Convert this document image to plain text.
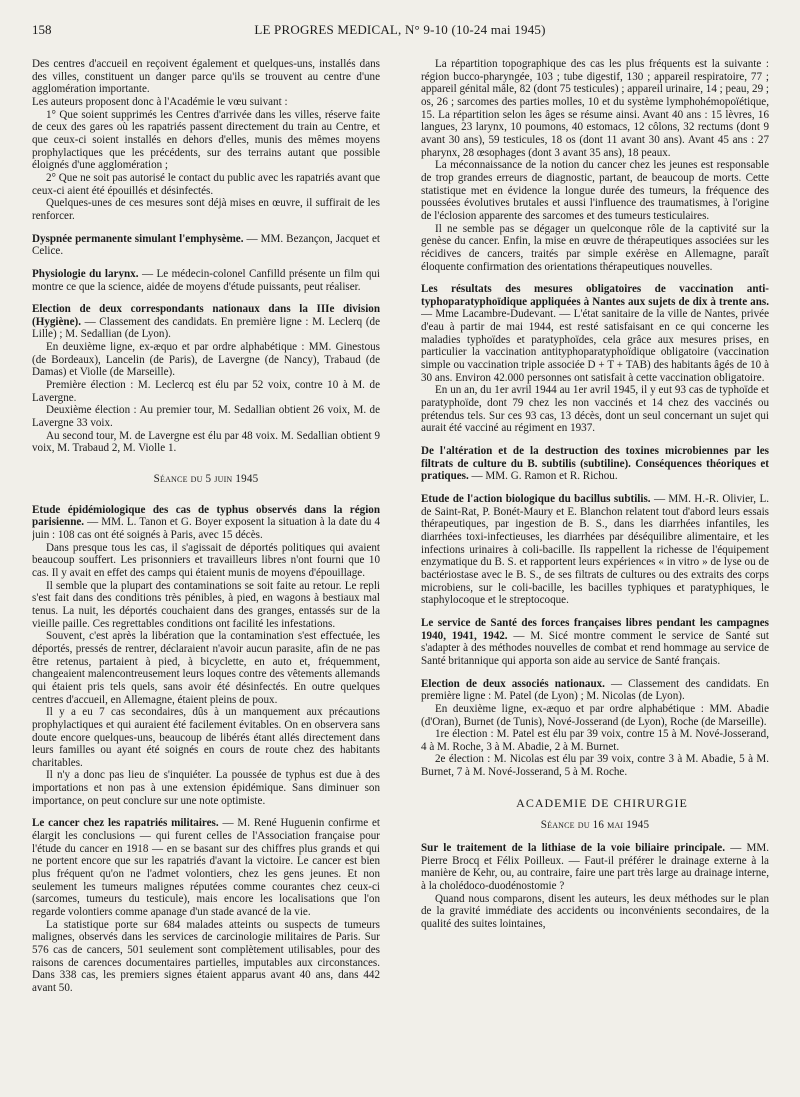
158	LE PROGRES MEDICAL, N° 9-10 (10-24 mai 1945)

Des centres d'accueil en reçoivent également et quelques-uns, installés dans des villes, constituent un danger parce qu'ils se trouvent au centre d'une agglomération importante.

Les auteurs proposent donc à l'Académie le vœu suivant :

1° Que soient supprimés les Centres d'arrivée dans les villes, réserve faite de ceux des gares où les rapatriés passent directement du train au Centre, et que ceux-ci soient installés en dehors d'elles, munis des mêmes moyens prophylactiques que les précédents, sur des terrains autant que possible éloignés d'une agglomération ;

2° Que ne soit pas autorisé le contact du public avec les rapatriés avant que ceux-ci aient été épouillés et désinfectés.

Quelques-unes de ces mesures sont déjà mises en œuvre, il suffirait de les renforcer.

Dyspnée permanente simulant l'emphysème. — MM. Bezançon, Jacquet et Celice.

Physiologie du larynx. — Le médecin-colonel Canfilld présente un film qui montre ce que la science, aidée de moyens d'étude puissants, peut réaliser.

Election de deux correspondants nationaux dans la IIIe division (Hygiène). — Classement des candidats. En première ligne : M. Leclerq (de Lille) ; M. Sedallian (de Lyon).

En deuxième ligne, ex-æquo et par ordre alphabétique : MM. Ginestous (de Bordeaux), Lancelin (de Paris), de Lavergne (de Nancy), Trabaud (de Damas) et Violle (de Marseille).

Première élection : M. Leclercq est élu par 52 voix, contre 10 à M. de Lavergne.

Deuxième élection : Au premier tour, M. Sedallian obtient 26 voix, M. de Lavergne 33 voix.

Au second tour, M. de Lavergne est élu par 48 voix. M. Sedallian obtient 9 voix, M. Trabaud 2, M. Violle 1.

Séance du 5 juin 1945

Etude épidémiologique des cas de typhus observés dans la région parisienne. — MM. L. Tanon et G. Boyer exposent la situation à la date du 4 juin : 108 cas ont été soignés à Paris, avec 15 décès.

Dans presque tous les cas, il s'agissait de déportés politiques qui avaient beaucoup souffert. Les prisonniers et travailleurs libres n'ont fourni que 10 cas. Il y avait en effet des camps qui étaient munis de moyens d'épouillage.

Il semble que la plupart des contaminations se soit faite au retour. Le repli s'est fait dans des conditions très pénibles, à pied, en wagons à bestiaux mal tenus. La nuit, les déportés couchaient dans des granges, entassés sur de la vieille paille. Ces regrettables conditions ont facilité les infestations.

Souvent, c'est après la libération que la contamination s'est effectuée, les déportés, pressés de rentrer, déclaraient n'avoir aucun parasite, afin de ne pas être retenus, partaient à pied, à bicyclette, en auto et, fréquemment, changeaient malencontreusement leurs loques contre des vêtements allemands qui étaient pris tels quels, sans avoir été désinfectés. En outre quelques centres d'accueil, en Allemagne, étaient pleins de poux.

Il y a eu 7 cas secondaires, dûs à un manquement aux précautions prophylactiques et qui auraient été facilement évitables. On en observera sans doute encore quelques-uns, beaucoup de libérés étant allés directement dans leurs familles ou ayant été soignés en cours de route chez des habitants charitables.

Il n'y a donc pas lieu de s'inquiéter. La poussée de typhus est due à des importations et non pas à une extension épidémique. Sans diminuer son importance, on peut conclure sur une note optimiste.

Le cancer chez les rapatriés militaires. — M. René Huguenin confirme et élargit les conclusions — qui furent celles de l'Association française pour l'étude du cancer en 1918 — en se basant sur des chiffres plus grands et qui ne portent encore que sur les rapatriés d'avant la victoire. Le cancer est bien plus fréquent qu'on ne l'admet volontiers, chez les gens jeunes. Et non seulement les tumeurs malignes réputées comme courantes chez ceux-ci (sarcomes, tumeurs du testicule), mais encore les localisations que l'on regarde volontiers comme apanage d'un stade avancé de la vie.

La statistique porte sur 684 malades atteints ou suspects de tumeurs malignes, observés dans les services de carcinologie militaires de Paris. Sur 576 cas de cancers, 501 seulement sont complètement utilisables, pour des raisons de carences documentaires partielles, imputables aux circonstances. Dans 338 cas, les premiers signes étaient apparus avant 40 ans, dans 442 avant 50.

La répartition topographique des cas les plus fréquents est la suivante : région bucco-pharyngée, 103 ; tube digestif, 130 ; appareil respiratoire, 77 ; appareil génital mâle, 82 (dont 75 testicules) ; appareil urinaire, 14 ; peau, 29 ; os, 26 ; sarcomes des parties molles, 10 et du système lymphohémopoïétique, 15. La répartition selon les âges se résume ainsi. Avant 40 ans : 15 lèvres, 16 langues, 23 larynx, 10 poumons, 40 estomacs, 12 côlons, 32 rectums (dont 9 avant 30 ans), 59 testicules, 18 os (dont 11 avant 30 ans). Avant 45 ans : 27 pharynx, 28 œsophages (dont 3 avant 35 ans), 18 peaux.

La méconnaissance de la notion du cancer chez les jeunes est responsable de trop grandes erreurs de diagnostic, partant, de beaucoup de morts. Cette statistique met en évidence la longue durée des tumeurs, la fréquence des poussées évolutives brutales et aussi l'influence des traumatismes, à l'origine de l'éclosion apparente des sarcomes et des tumeurs testiculaires.

Il ne semble pas se dégager un quelconque rôle de la captivité sur la genèse du cancer. Enfin, la mise en œuvre de thérapeutiques associées sur les récidives de cancers, traités par simple exérèse en Allemagne, paraît éloquente confirmation des orientations thérapeutiques nouvelles.

Les résultats des mesures obligatoires de vaccination anti-typhoparatyphoïdique appliquées à Nantes aux sujets de dix à trente ans. — Mme Lacambre-Dudevant. — L'état sanitaire de la ville de Nantes, privée d'eau à partir de mai 1944, est resté satisfaisant en ce qui concerne les maladies typhoïdes et paratyphoïdes, cela grâce aux mesures prises, en particulier la vaccination antityphoparatyphoïdique obligatoire (vaccination simple ou vaccination triple associée D + T + TAB) des habitants âgés de 10 à 30 ans. Environ 42.000 personnes ont satisfait à cette vaccination obligatoire.

En un an, du 1er avril 1944 au 1er avril 1945, il y eut 93 cas de typhoïde et paratyphoïde, dont 79 chez les non vaccinés et 14 chez des vaccinés ou prétendus tels. Sur ces 93 cas, 13 décès, dont un seul concernant un sujet qui aurait été vacciné au régiment en 1937.

De l'altération et de la destruction des toxines microbiennes par les filtrats de culture du B. subtilis (subtiline). Conséquences théoriques et pratiques. — MM. G. Ramon et R. Richou.

Etude de l'action biologique du bacillus subtilis. — MM. H.-R. Olivier, L. de Saint-Rat, P. Bonét-Maury et E. Blanchon relatent tout d'abord leurs essais thérapeutiques, par ingestion de B. S., dans les diarrhées infantiles, les diarrhées toxi-infectieuses, les diarrhées par déséquilibre alimentaire, et les infections urinaires à coli-bacille. Ils rappellent la richesse de l'équipement enzymatique du B. S. et rapportent leurs expériences « in vitro » de lyse ou de bactériostase avec le B. S., de ses filtrats de cultures ou des extraits des corps microbiens, sur le coli-bacille, les bacilles typhiques et paratyphiques, le staphylocoque et le streptocoque.

Le service de Santé des forces françaises libres pendant les campagnes 1940, 1941, 1942. — M. Sicé montre comment le service de Santé sut s'adapter à des méthodes nouvelles de combat et rend hommage au service de Santé britannique qui apporta son aide au service de Santé français.

Election de deux associés nationaux. — Classement des candidats. En première ligne : M. Patel (de Lyon) ; M. Nicolas (de Lyon).

En deuxième ligne, ex-æquo et par ordre alphabétique : MM. Abadie (d'Oran), Burnet (de Tunis), Nové-Josserand (de Lyon), Roche (de Marseille).

1re élection : M. Patel est élu par 39 voix, contre 15 à M. Nové-Josserand, 4 à M. Roche, 3 à M. Abadie, 2 à M. Burnet.

2e élection : M. Nicolas est élu par 39 voix, contre 3 à M. Abadie, 5 à M. Burnet, 7 à M. Nové-Josserand, 5 à M. Roche.

ACADEMIE DE CHIRURGIE

Séance du 16 mai 1945

Sur le traitement de la lithiase de la voie biliaire principale. — MM. Pierre Brocq et Félix Poilleux. — Faut-il préférer le drainage externe à la manière de Kehr, ou, au contraire, faire une part très large au drainage interne, à la cholédoco-duodénostomie ?

Quand nous comparons, disent les auteurs, les deux méthodes sur le plan de la gravité immédiate des accidents ou inconvénients secondaires, de la qualité des suites lointaines,
